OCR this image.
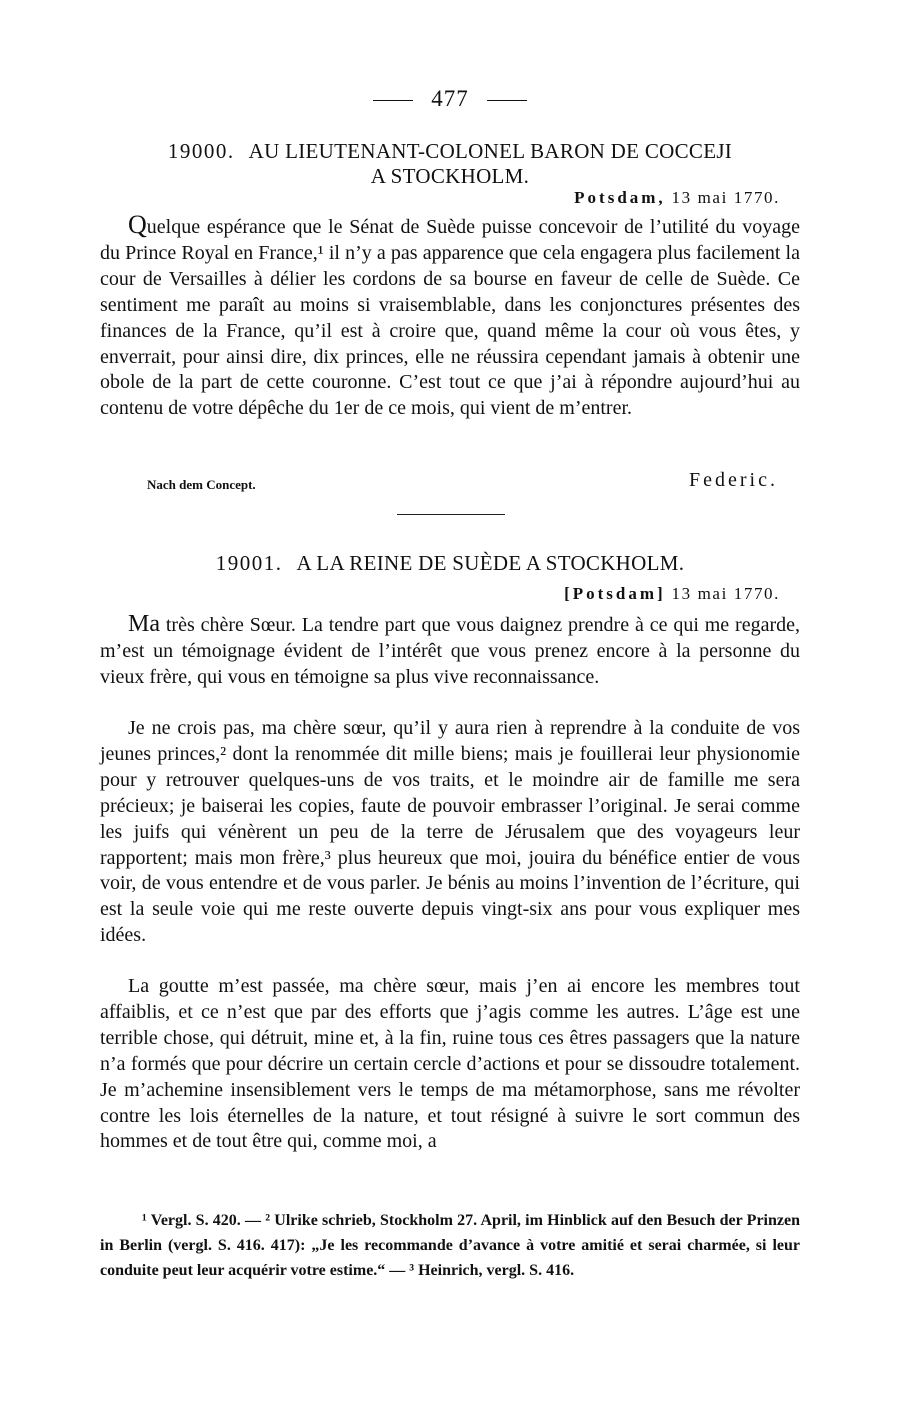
477
19000. AU LIEUTENANT-COLONEL BARON DE COCCEJI
A STOCKHOLM.
Potsdam, 13 mai 1770.
Quelque espérance que le Sénat de Suède puisse concevoir de l’utilité du voyage du Prince Royal en France,¹ il n’y a pas apparence que cela engagera plus facilement la cour de Versailles à délier les cordons de sa bourse en faveur de celle de Suède. Ce sentiment me paraît au moins si vraisemblable, dans les conjonctures présentes des finances de la France, qu’il est à croire que, quand même la cour où vous êtes, y enverrait, pour ainsi dire, dix princes, elle ne réussira cependant jamais à obtenir une obole de la part de cette couronne. C’est tout ce que j’ai à répondre aujourd’hui au contenu de votre dépêche du 1er de ce mois, qui vient de m’entrer.
Nach dem Concept.	Federic.
19001. A LA REINE DE SUÈDE A STOCKHOLM.
[Potsdam] 13 mai 1770.
Ma très chère Sœur. La tendre part que vous daignez prendre à ce qui me regarde, m’est un témoignage évident de l’intérêt que vous prenez encore à la personne du vieux frère, qui vous en témoigne sa plus vive reconnaissance.
Je ne crois pas, ma chère sœur, qu’il y aura rien à reprendre à la conduite de vos jeunes princes,² dont la renommée dit mille biens; mais je fouillerai leur physionomie pour y retrouver quelques-uns de vos traits, et le moindre air de famille me sera précieux; je baiserai les copies, faute de pouvoir embrasser l’original. Je serai comme les juifs qui vénèrent un peu de la terre de Jérusalem que des voyageurs leur rapportent; mais mon frère,³ plus heureux que moi, jouira du bénéfice entier de vous voir, de vous entendre et de vous parler. Je bénis au moins l’invention de l’écriture, qui est la seule voie qui me reste ouverte depuis vingt-six ans pour vous expliquer mes idées.
La goutte m’est passée, ma chère sœur, mais j’en ai encore les membres tout affaiblis, et ce n’est que par des efforts que j’agis comme les autres. L’âge est une terrible chose, qui détruit, mine et, à la fin, ruine tous ces êtres passagers que la nature n’a formés que pour décrire un certain cercle d’actions et pour se dissoudre totalement. Je m’achemine insensiblement vers le temps de ma métamorphose, sans me révolter contre les lois éternelles de la nature, et tout résigné à suivre le sort commun des hommes et de tout être qui, comme moi, a
¹ Vergl. S. 420. — ² Ulrike schrieb, Stockholm 27. April, im Hinblick auf den Besuch der Prinzen in Berlin (vergl. S. 416. 417): „Je les recommande d’avance à votre amitié et serai charmée, si leur conduite peut leur acquérir votre estime.“ — ³ Heinrich, vergl. S. 416.
